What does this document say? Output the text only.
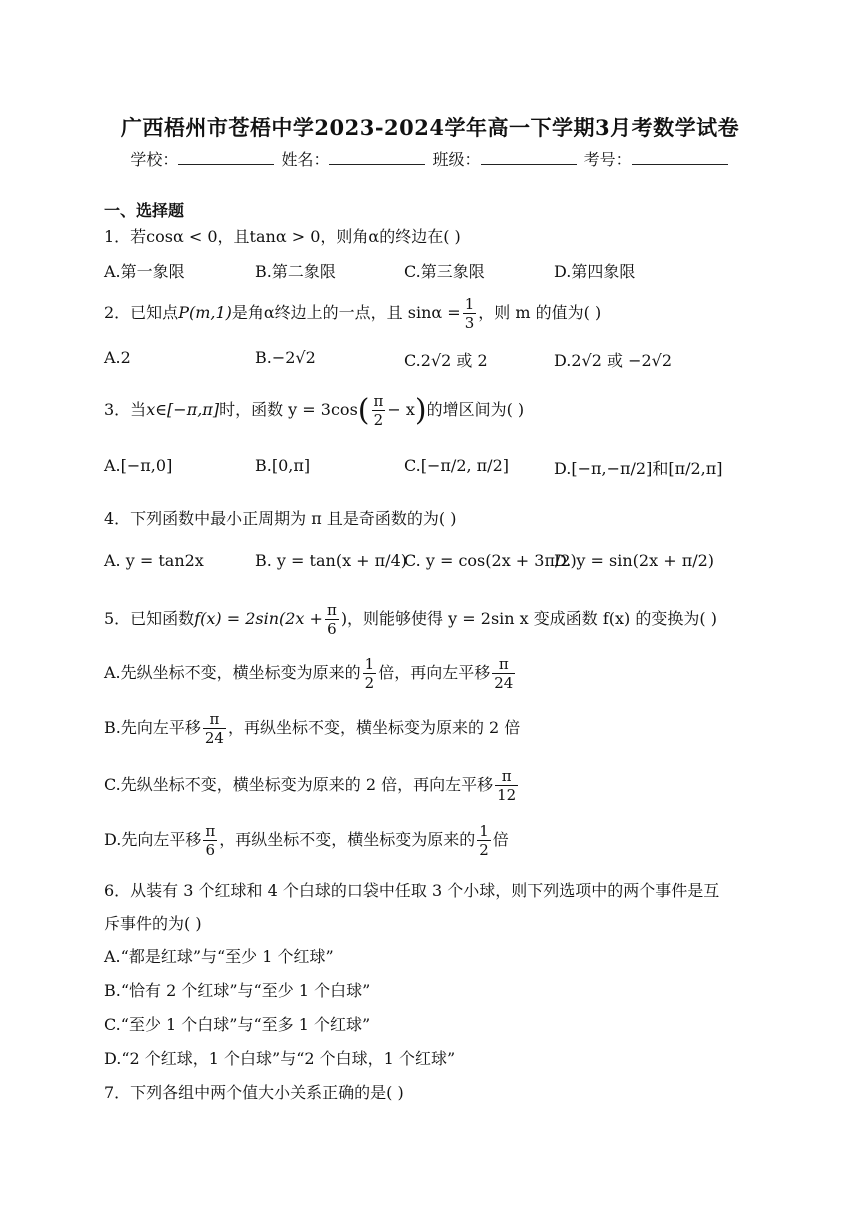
广西梧州市苍梧中学2023-2024学年高一下学期3月考数学试卷
学校：	姓名：	班级：	考号：
一、选择题
1．若cosα < 0，且tanα > 0，则角α的终边在( )
A.第一象限	B.第二象限	C.第三象限	D.第四象限
2．已知点P(m,1)是角α终边上的一点，且 $\sin\alpha = \frac{1}{3}$ ，则 m 的值为( )
A.2	B.−2√2	C.2√2 或 2	D.2√2 或 −2√2
3．当x∈[−π,π]时，函数 $y = 3\cos( \frac{\pi}{2} - x)$的增区间为( )
A.[−π,0]	B.[0,π]	C.[−π/2, π/2]	D.[−π,−π/2]和[π/2,π]
4．下列函数中最小正周期为 π 且是奇函数的为( )
A. y = tan2x	B. y = tan(x + π/4)
C. y = cos(2x + 3π/2)
D. y = sin(2x + π/2)
5．已知函数$f(x) = 2\sin(2x + \frac{\pi}{6}$ )，则能够使得 y = 2sin x 变成函数 f(x) 的变换为( )
A.先纵坐标不变，横坐标变为原来的 $\frac{1}{2}$ 倍，再向左平移 $\frac{\pi}{24}$
B.先向左平移 $\frac{\pi}{24}$ ，再纵坐标不变，横坐标变为原来的 2 倍
C.先纵坐标不变，横坐标变为原来的 2 倍，再向左平移 $\frac{\pi}{12}$
D.先向左平移 $\frac{\pi}{6}$ ，再纵坐标不变，横坐标变为原来的 $\frac{1}{2}$ 倍
6．从装有 3 个红球和 4 个白球的口袋中任取 3 个小球，则下列选项中的两个事件是互
斥事件的为( )
A.“都是红球”与“至少 1 个红球”
B.“恰有 2 个红球”与“至少 1 个白球”
C.“至少 1 个白球”与“至多 1 个红球”
D.“2 个红球，1 个白球”与“2 个白球，1 个红球”
7．下列各组中两个值大小关系正确的是( )
